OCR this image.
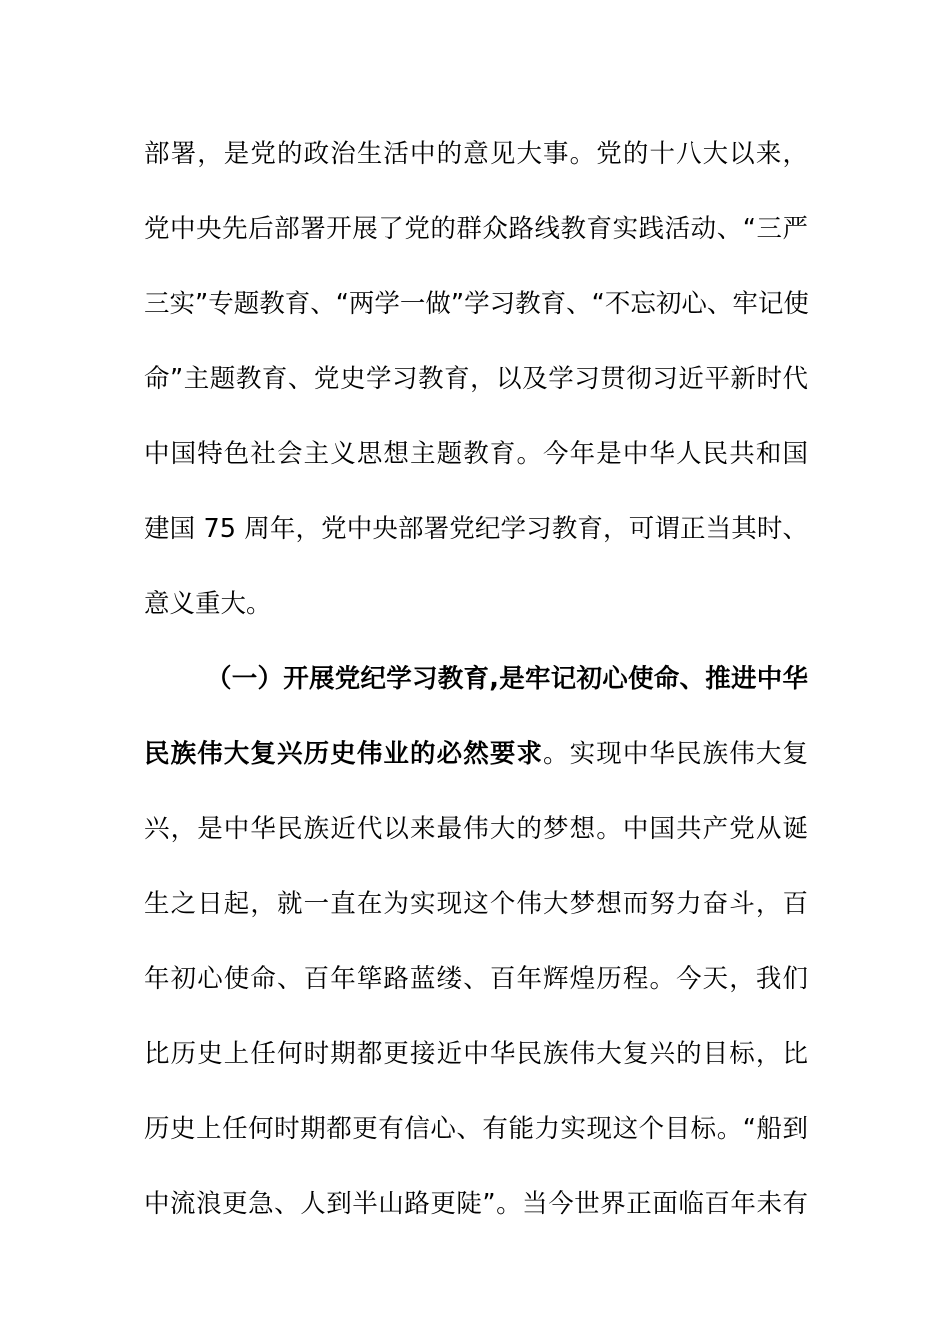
部署，是党的政治生活中的意见大事。党的十八大以来，
党中央先后部署开展了党的群众路线教育实践活动、“三严
三实”专题教育、“两学一做”学习教育、“不忘初心、牢记使
命”主题教育、党史学习教育，以及学习贯彻习近平新时代
中国特色社会主义思想主题教育。今年是中华人民共和国
建国 75 周年，党中央部署党纪学习教育，可谓正当其时、
意义重大。
（一）开展党纪学习教育,是牢记初心使命、推进中华
民族伟大复兴历史伟业的必然要求。实现中华民族伟大复
兴，是中华民族近代以来最伟大的梦想。中国共产党从诞
生之日起，就一直在为实现这个伟大梦想而努力奋斗，百
年初心使命、百年筚路蓝缕、百年辉煌历程。今天，我们
比历史上任何时期都更接近中华民族伟大复兴的目标，比
历史上任何时期都更有信心、有能力实现这个目标。“船到
中流浪更急、人到半山路更陡”。当今世界正面临百年未有
